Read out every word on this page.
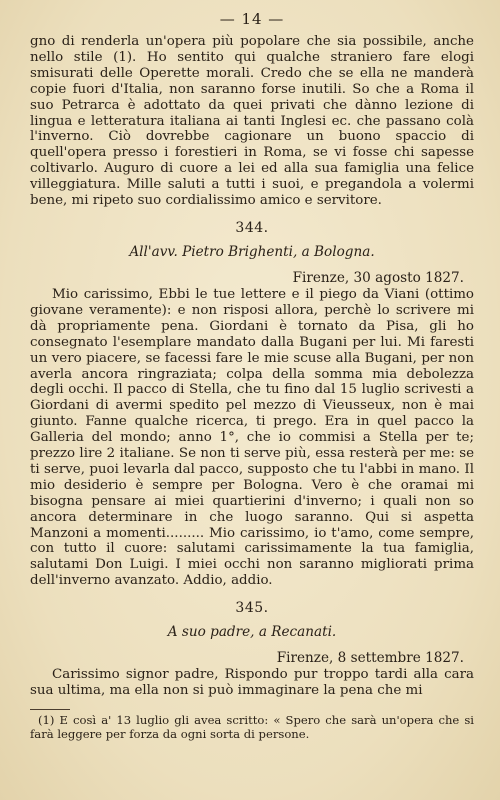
— 14 —

gno di renderla un'opera più popolare che sia possibile, anche nello stile (1). Ho sentito qui qualche straniero fare elogi smisurati delle Operette morali. Credo che se ella ne manderà copie fuori d'Italia, non saranno forse inutili. So che a Roma il suo Petrarca è adottato da quei privati che dànno lezione di lingua e letteratura italiana ai tanti Inglesi ec. che passano colà l'inverno. Ciò dovrebbe cagionare un buono spaccio di quell'opera presso i forestieri in Roma, se vi fosse chi sapesse coltivarlo. Auguro di cuore a lei ed alla sua famiglia una felice villeggiatura. Mille saluti a tutti i suoi, e pregandola a volermi bene, mi ripeto suo cordialissimo amico e servitore.

344.
All'avv. Pietro Brighenti, a Bologna.
Firenze, 30 agosto 1827.

Mio carissimo, Ebbi le tue lettere e il piego da Viani (ottimo giovane veramente): e non risposi allora, perchè lo scrivere mi dà propriamente pena. Giordani è tornato da Pisa, gli ho consegnato l'esemplare mandato dalla Bugani per lui. Mi faresti un vero piacere, se facessi fare le mie scuse alla Bugani, per non averla ancora ringraziata; colpa della somma mia debolezza degli occhi. Il pacco di Stella, che tu fino dal 15 luglio scrivesti a Giordani di avermi spedito pel mezzo di Vieusseux, non è mai giunto. Fanne qualche ricerca, ti prego. Era in quel pacco la Galleria del mondo; anno 1°, che io commisi a Stella per te; prezzo lire 2 italiane. Se non ti serve più, essa resterà per me: se ti serve, puoi levarla dal pacco, supposto che tu l'abbi in mano. Il mio desiderio è sempre per Bologna. Vero è che oramai mi bisogna pensare ai miei quartierini d'inverno; i quali non so ancora determinare in che luogo saranno. Qui si aspetta Manzoni a momenti......... Mio carissimo, io t'amo, come sempre, con tutto il cuore: salutami carissimamente la tua famiglia, salutami Don Luigi. I miei occhi non saranno migliorati prima dell'inverno avanzato. Addio, addio.

345.
A suo padre, a Recanati.
Firenze, 8 settembre 1827.

Carissimo signor padre, Rispondo pur troppo tardi alla cara sua ultima, ma ella non si può immaginare la pena che mi

(1) E così a' 13 luglio gli avea scritto: « Spero che sarà un'opera che si farà leggere per forza da ogni sorta di persone.
